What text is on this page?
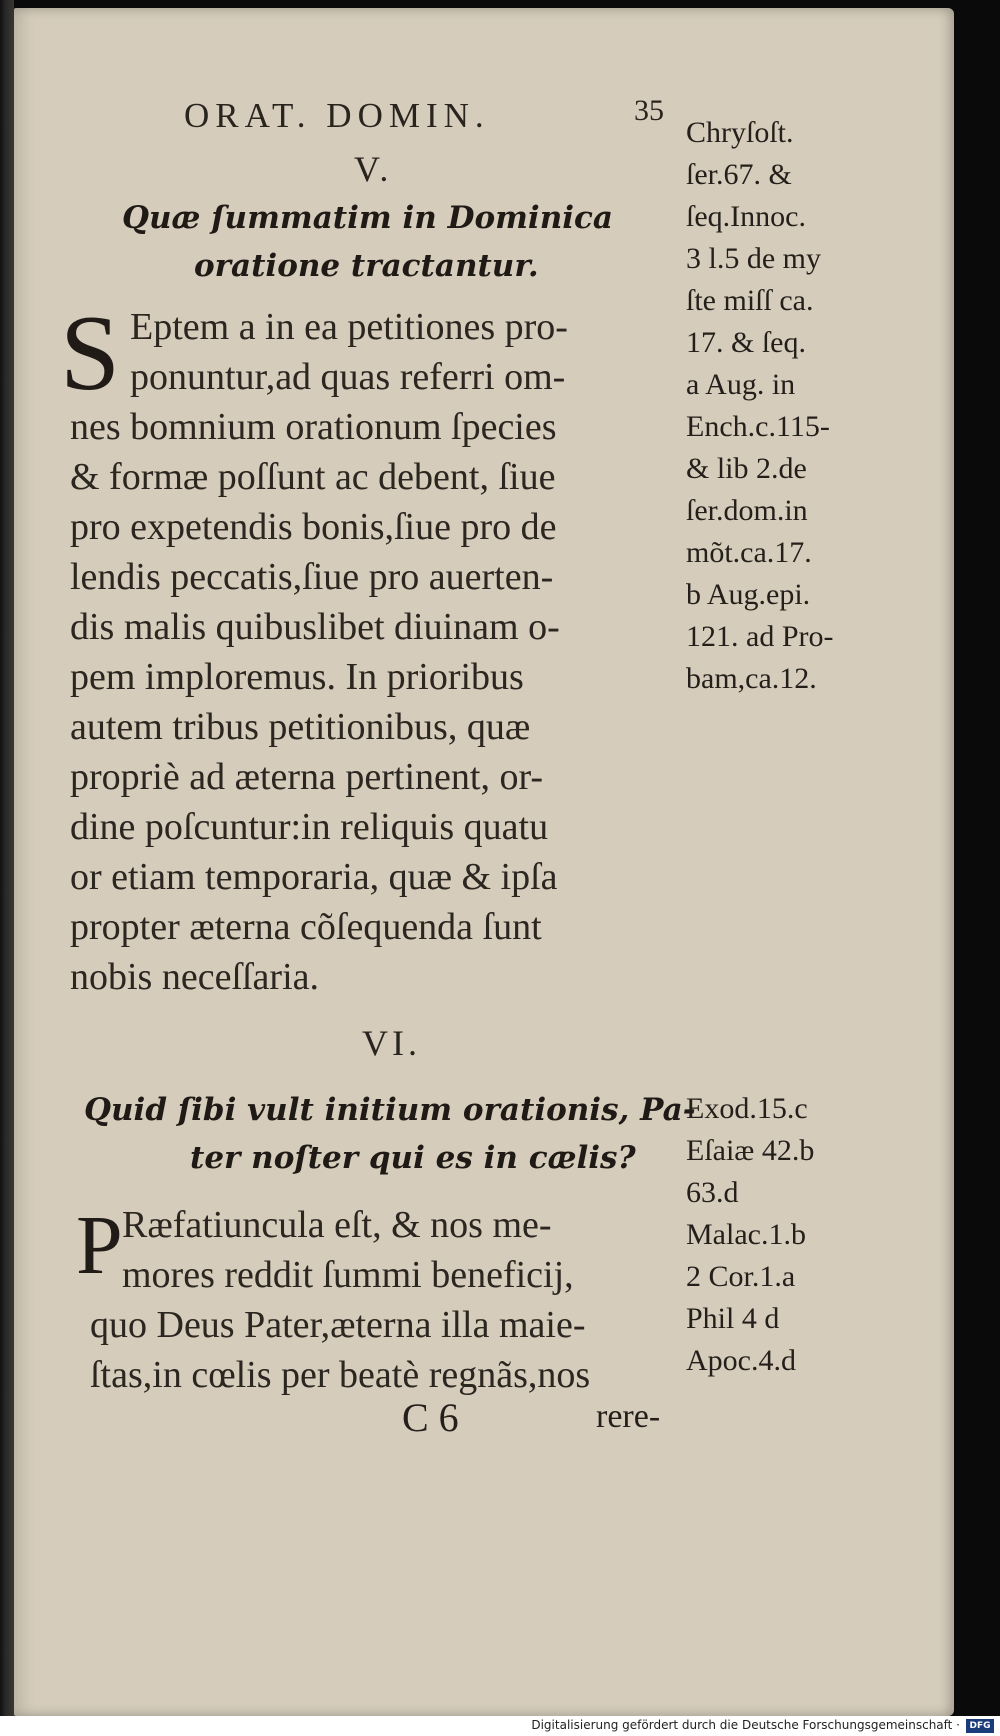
ORAT. DOMIN.	35
V.
Quæ ſummatim in Dominica
oratione tractantur.
S Eptem a in ea petitiones pro-
ponuntur,ad quas referri om-
nes bomnium orationum ſpecies
& formæ poſſunt ac debent, ſiue
pro expetendis bonis,ſiue pro de
lendis peccatis,ſiue pro auerten-
dis malis quibuslibet diuinam o-
pem imploremus. In prioribus
autem tribus petitionibus, quæ
propriè ad æterna pertinent, or-
dine poſcuntur:in reliquis quatu
or etiam temporaria, quæ & ipſa
propter æterna cõſequenda ſunt
nobis neceſſaria.
Chryſoſt.
ſer.67. &
ſeq.Innoc.
3 l.5 de my
ſte miſſ ca.
17. & ſeq.
a Aug. in
Ench.c.115-
& lib 2.de
ſer.dom.in
mõt.ca.17.
b Aug.epi.
121. ad Pro-
bam,ca.12.
VI.
Quid ſibi vult initium orationis, Pa-
ter noſter qui es in cælis?
P Ræfatiuncula eſt, & nos me-
mores reddit ſummi beneficij,
quo Deus Pater,æterna illa maie-
ſtas,in cœlis per beatè regnãs,nos
Exod.15.c
Eſaiæ 42.b
63.d
Malac.1.b
2 Cor.1.a
Phil 4 d
Apoc.4.d
C 6	rere-
Digitalisierung gefördert durch die Deutsche Forschungsgemeinschaft ·	DFG
